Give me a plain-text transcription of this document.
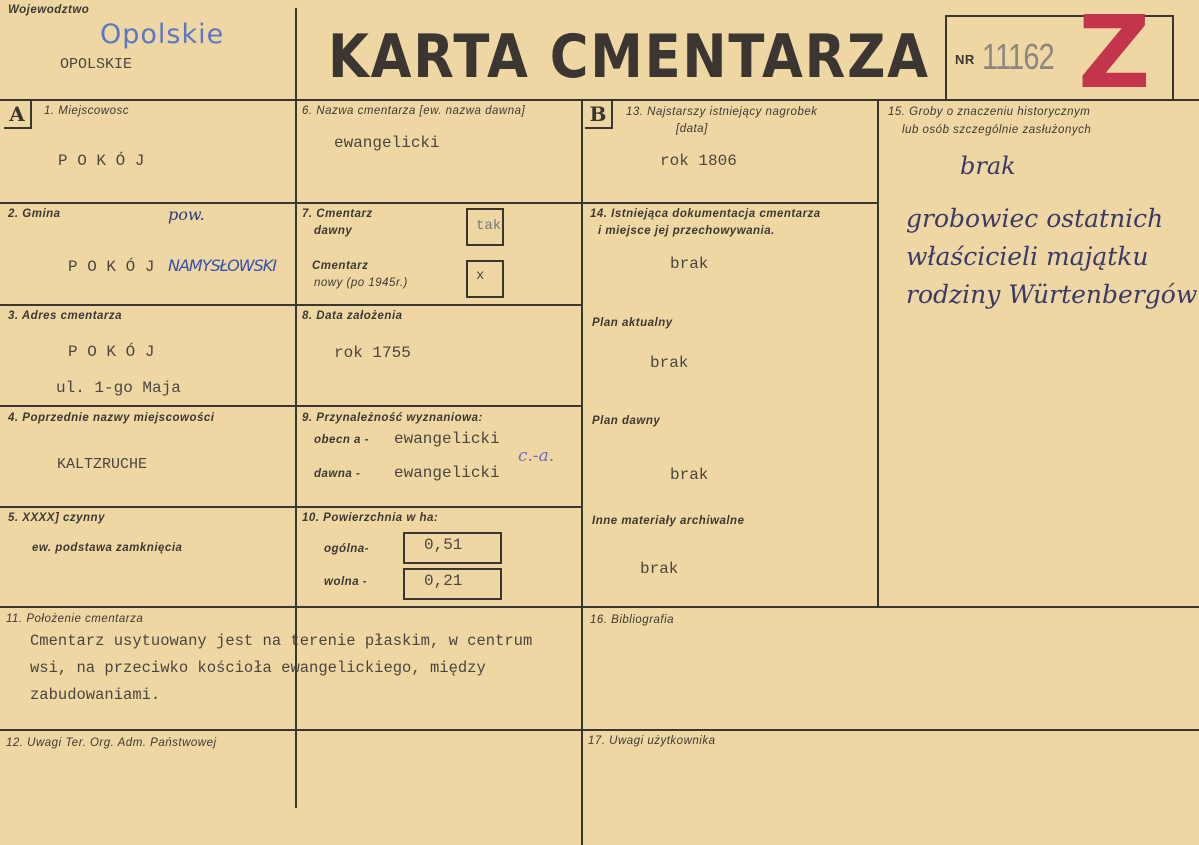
Wojewodztwo
Opolskie
OPOLSKIE	KARTA CMENTARZA NR 11162 Z
A	B
1. Miejscowosc
P O K Ó J
2. Gmina	pow.
P O K Ó J NAMYSŁOWSKI
3. Adres cmentarza
P O K Ó J
ul. 1-go Maja
4. Poprzednie nazwy miejscowości
KALTZRUCHE
5. XXXX] czynny
ew. podstawa zamknięcia
6. Nazwa cmentarza [ew. nazwa dawna]
ewangelicki
7. Cmentarz
dawny	tak
Cmentarz
nowy (po 1945r.)	x
8. Data założenia
rok 1755
9. Przynależność wyznaniowa:
obecn a - ewangelicki
c.-a.
dawna - ewangelicki
10. Powierzchnia w ha:
ogólna-	0,51
wolna -	0,21
13. Najstarszy istniejący nagrobek
[data]
rok 1806
14. Istniejąca dokumentacja cmentarza
i miejsce jej przechowywania.
brak
Plan aktualny
brak
Plan dawny
brak
Inne materiały archiwalne
brak
15. Groby o znaczeniu historycznym
lub osób szczególnie zasłużonych
brak
grobowiec ostatnich
właścicieli majątku
rodziny Würtenbergów
11. Położenie cmentarza
Cmentarz usytuowany jest na terenie płaskim, w centrum
wsi, na przeciwko kościoła ewangelickiego, między
zabudowaniami.
16. Bibliografia
12. Uwagi Ter. Org. Adm. Państwowej	17. Uwagi użytkownika
